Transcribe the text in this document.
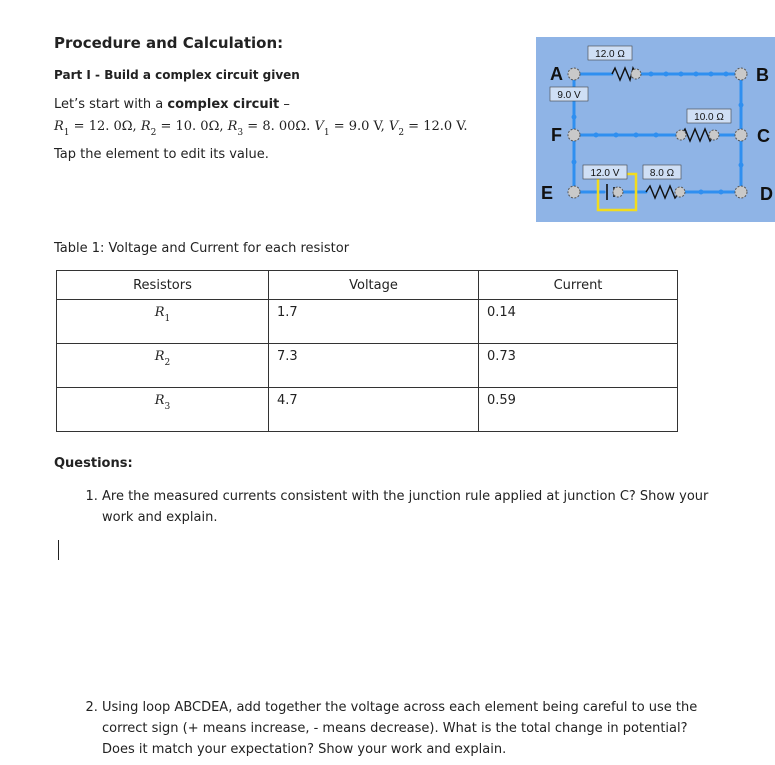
Procedure and Calculation:
Part I - Build a complex circuit given
Let’s start with a complex circuit –
$R_1 = 12$. 0Ω, $R_2 = 10$. 0Ω, $R_3 = 8$. 00Ω. $V_1 = 9.0$ V, $V_2 = 12.0$ V.
Tap the element to edit its value.
12.0 Ω
9.0 V
10.0 Ω
12.0 V	8.0 Ω
A	B
C
D
E
F
Table 1: Voltage and Current for each resistor
Resistors	Voltage	Current
$R_1$	1.7	0.14
$R_2$	7.3	0.73
$R_3$	4.7	0.59
Questions:
1. Are the measured currents consistent with the junction rule applied at junction C? Show your work and explain.
2. Using loop ABCDEA, add together the voltage across each element being careful to use the correct sign (+ means increase, - means decrease). What is the total change in potential? Does it match your expectation? Show your work and explain.
